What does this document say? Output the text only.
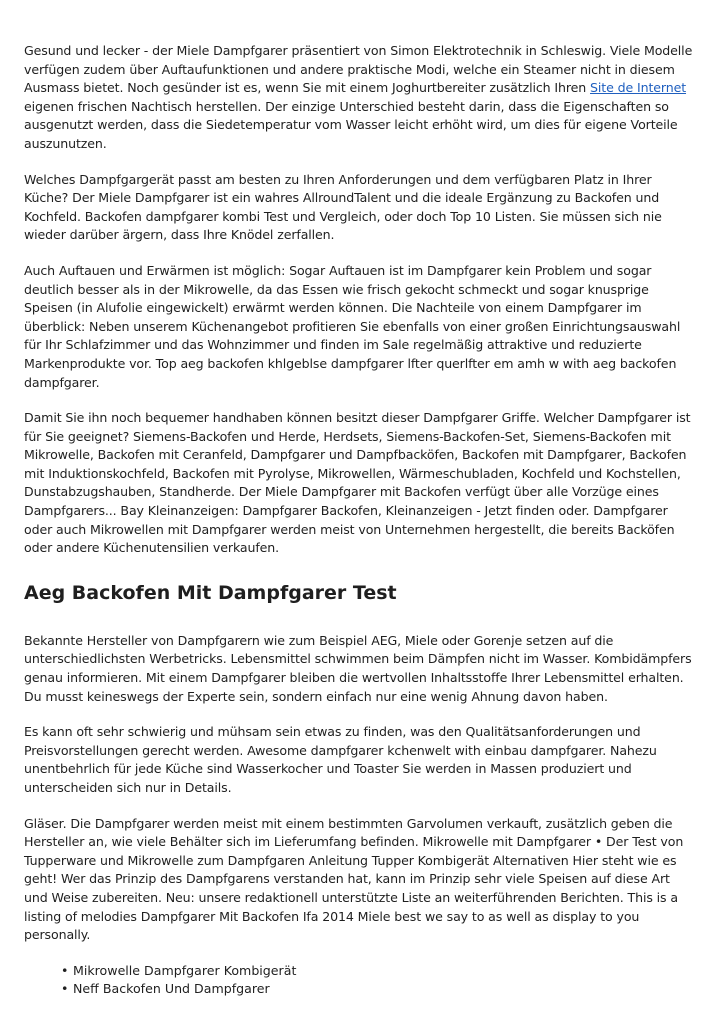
Gesund und lecker - der Miele Dampfgarer präsentiert von Simon Elektrotechnik in Schleswig. Viele Modelle verfügen zudem über Auftaufunktionen und andere praktische Modi, welche ein Steamer nicht in diesem Ausmass bietet. Noch gesünder ist es, wenn Sie mit einem Joghurtbereiter zusätzlich Ihren Site de Internet eigenen frischen Nachtisch herstellen. Der einzige Unterschied besteht darin, dass die Eigenschaften so ausgenutzt werden, dass die Siedetemperatur vom Wasser leicht erhöht wird, um dies für eigene Vorteile auszunutzen.

Welches Dampfgargerät passt am besten zu Ihren Anforderungen und dem verfügbaren Platz in Ihrer Küche? Der Miele Dampfgarer ist ein wahres AllroundTalent und die ideale Ergänzung zu Backofen und Kochfeld. Backofen dampfgarer kombi Test und Vergleich, oder doch Top 10 Listen. Sie müssen sich nie wieder darüber ärgern, dass Ihre Knödel zerfallen.

Auch Auftauen und Erwärmen ist möglich: Sogar Auftauen ist im Dampfgarer kein Problem und sogar deutlich besser als in der Mikrowelle, da das Essen wie frisch gekocht schmeckt und sogar knusprige Speisen (in Alufolie eingewickelt) erwärmt werden können. Die Nachteile von einem Dampfgarer im überblick: Neben unserem Küchenangebot profitieren Sie ebenfalls von einer großen Einrichtungsauswahl für Ihr Schlafzimmer und das Wohnzimmer und finden im Sale regelmäßig attraktive und reduzierte Markenprodukte vor. Top aeg backofen khlgeblse dampfgarer lfter querlfter em amh w with aeg backofen dampfgarer.

Damit Sie ihn noch bequemer handhaben können besitzt dieser Dampfgarer Griffe. Welcher Dampfgarer ist für Sie geeignet? Siemens-Backofen und Herde, Herdsets, Siemens-Backofen-Set, Siemens-Backofen mit Mikrowelle, Backofen mit Ceranfeld, Dampfgarer und Dampfbacköfen, Backofen mit Dampfgarer, Backofen mit Induktionskochfeld, Backofen mit Pyrolyse, Mikrowellen, Wärmeschubladen, Kochfeld und Kochstellen, Dunstabzugshauben, Standherde. Der Miele Dampfgarer mit Backofen verfügt über alle Vorzüge eines Dampfgarers... Bay Kleinanzeigen: Dampfgarer Backofen, Kleinanzeigen - Jetzt finden oder. Dampfgarer oder auch Mikrowellen mit Dampfgarer werden meist von Unternehmen hergestellt, die bereits Backöfen oder andere Küchenutensilien verkaufen.

Aeg Backofen Mit Dampfgarer Test

Bekannte Hersteller von Dampfgarern wie zum Beispiel AEG, Miele oder Gorenje setzen auf die unterschiedlichsten Werbetricks. Lebensmittel schwimmen beim Dämpfen nicht im Wasser. Kombidämpfers genau informieren. Mit einem Dampfgarer bleiben die wertvollen Inhaltsstoffe Ihrer Lebensmittel erhalten. Du musst keineswegs der Experte sein, sondern einfach nur eine wenig Ahnung davon haben.

Es kann oft sehr schwierig und mühsam sein etwas zu finden, was den Qualitätsanforderungen und Preisvorstellungen gerecht werden. Awesome dampfgarer kchenwelt with einbau dampfgarer. Nahezu unentbehrlich für jede Küche sind Wasserkocher und Toaster Sie werden in Massen produziert und unterscheiden sich nur in Details.

Gläser. Die Dampfgarer werden meist mit einem bestimmten Garvolumen verkauft, zusätzlich geben die Hersteller an, wie viele Behälter sich im Lieferumfang befinden. Mikrowelle mit Dampfgarer • Der Test von Tupperware und Mikrowelle zum Dampfgaren Anleitung Tupper Kombigerät Alternativen Hier steht wie es geht! Wer das Prinzip des Dampfgarens verstanden hat, kann im Prinzip sehr viele Speisen auf diese Art und Weise zubereiten. Neu: unsere redaktionell unterstützte Liste an weiterführenden Berichten. This is a listing of melodies Dampfgarer Mit Backofen Ifa 2014 Miele best we say to as well as display to you personally.

• Mikrowelle Dampfgarer Kombigerät
• Neff Backofen Und Dampfgarer
